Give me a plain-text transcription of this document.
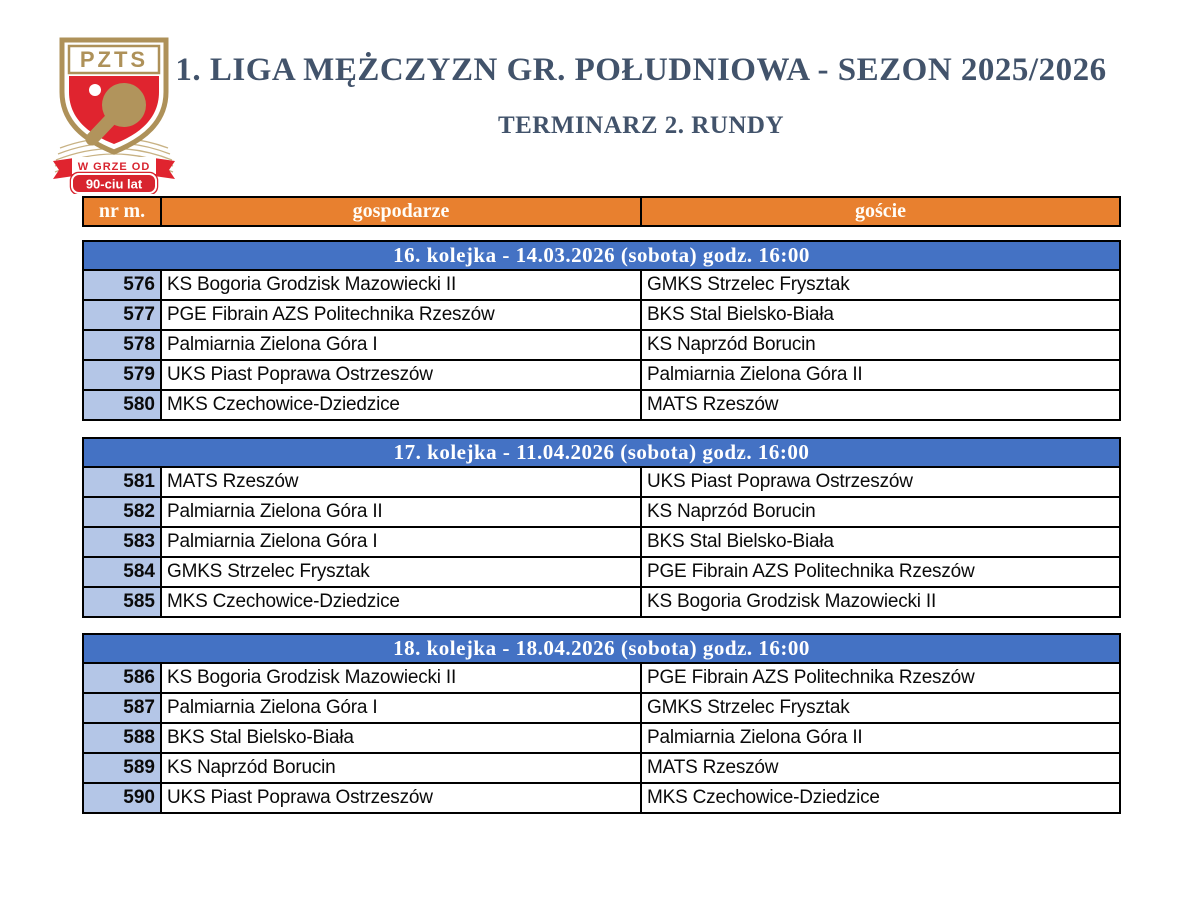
PZTS
W GRZE OD
90-ciu lat
1. LIGA MĘŻCZYZN GR. POŁUDNIOWA - SEZON 2025/2026
TERMINARZ 2. RUNDY
nr m.	gospodarze	goście
16. kolejka - 14.03.2026 (sobota) godz. 16:00		
576	KS Bogoria Grodzisk Mazowiecki II	GMKS Strzelec Frysztak
577	PGE Fibrain AZS Politechnika Rzeszów	BKS Stal Bielsko-Biała
578	Palmiarnia Zielona Góra I	KS Naprzód Borucin
579	UKS Piast Poprawa Ostrzeszów	Palmiarnia Zielona Góra II
580	MKS Czechowice-Dziedzice	MATS Rzeszów
17. kolejka - 11.04.2026 (sobota) godz. 16:00		
581	MATS Rzeszów	UKS Piast Poprawa Ostrzeszów
582	Palmiarnia Zielona Góra II	KS Naprzód Borucin
583	Palmiarnia Zielona Góra I	BKS Stal Bielsko-Biała
584	GMKS Strzelec Frysztak	PGE Fibrain AZS Politechnika Rzeszów
585	MKS Czechowice-Dziedzice	KS Bogoria Grodzisk Mazowiecki II
18. kolejka - 18.04.2026 (sobota) godz. 16:00		
586	KS Bogoria Grodzisk Mazowiecki II	PGE Fibrain AZS Politechnika Rzeszów
587	Palmiarnia Zielona Góra I	GMKS Strzelec Frysztak
588	BKS Stal Bielsko-Biała	Palmiarnia Zielona Góra II
589	KS Naprzód Borucin	MATS Rzeszów
590	UKS Piast Poprawa Ostrzeszów	MKS Czechowice-Dziedzice
